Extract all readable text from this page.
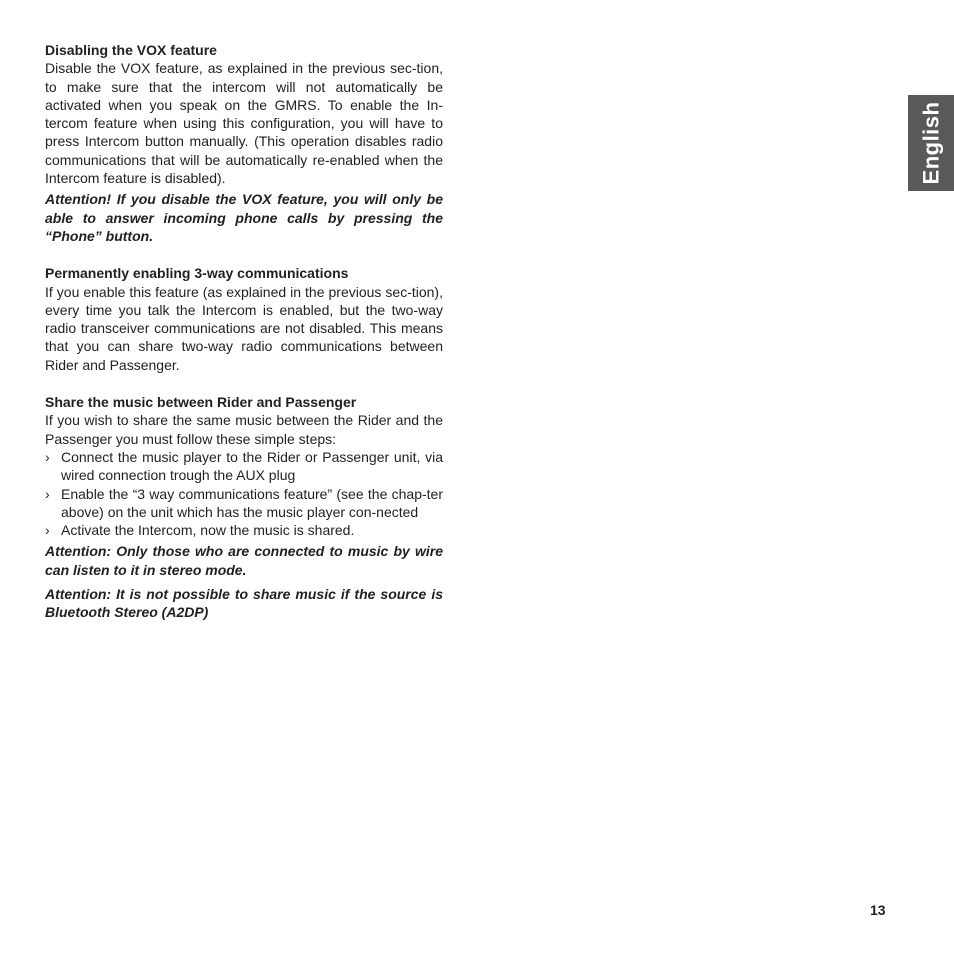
Disabling the VOX feature

Disable the VOX feature, as explained in the previous sec-tion, to make sure that the intercom will not automatically be activated when you speak on the GMRS. To enable the In-tercom feature when using this configuration, you will have to press Intercom button manually. (This operation disables radio communications that will be automatically re-enabled when the Intercom feature is disabled).

Attention! If you disable the VOX feature, you will only be able to answer incoming phone calls by pressing the “Phone” button.

Permanently enabling 3-way communications

If you enable this feature (as explained in the previous sec-tion), every time you talk the Intercom is enabled, but the two-way radio transceiver communications are not disabled. This means that you can share two-way radio communications between Rider and Passenger.

Share the music between Rider and Passenger

If you wish to share the same music between the Rider and the Passenger you must follow these simple steps:

› Connect the music player to the Rider or Passenger unit, via wired connection trough the AUX plug
› Enable the “3 way communications feature” (see the chap-ter above) on the unit which has the music player con-nected
› Activate the Intercom, now the music is shared.

Attention: Only those who are connected to music by wire can listen to it in stereo mode.

Attention: It is not possible to share music if the source is Bluetooth Stereo (A2DP)

English
13
